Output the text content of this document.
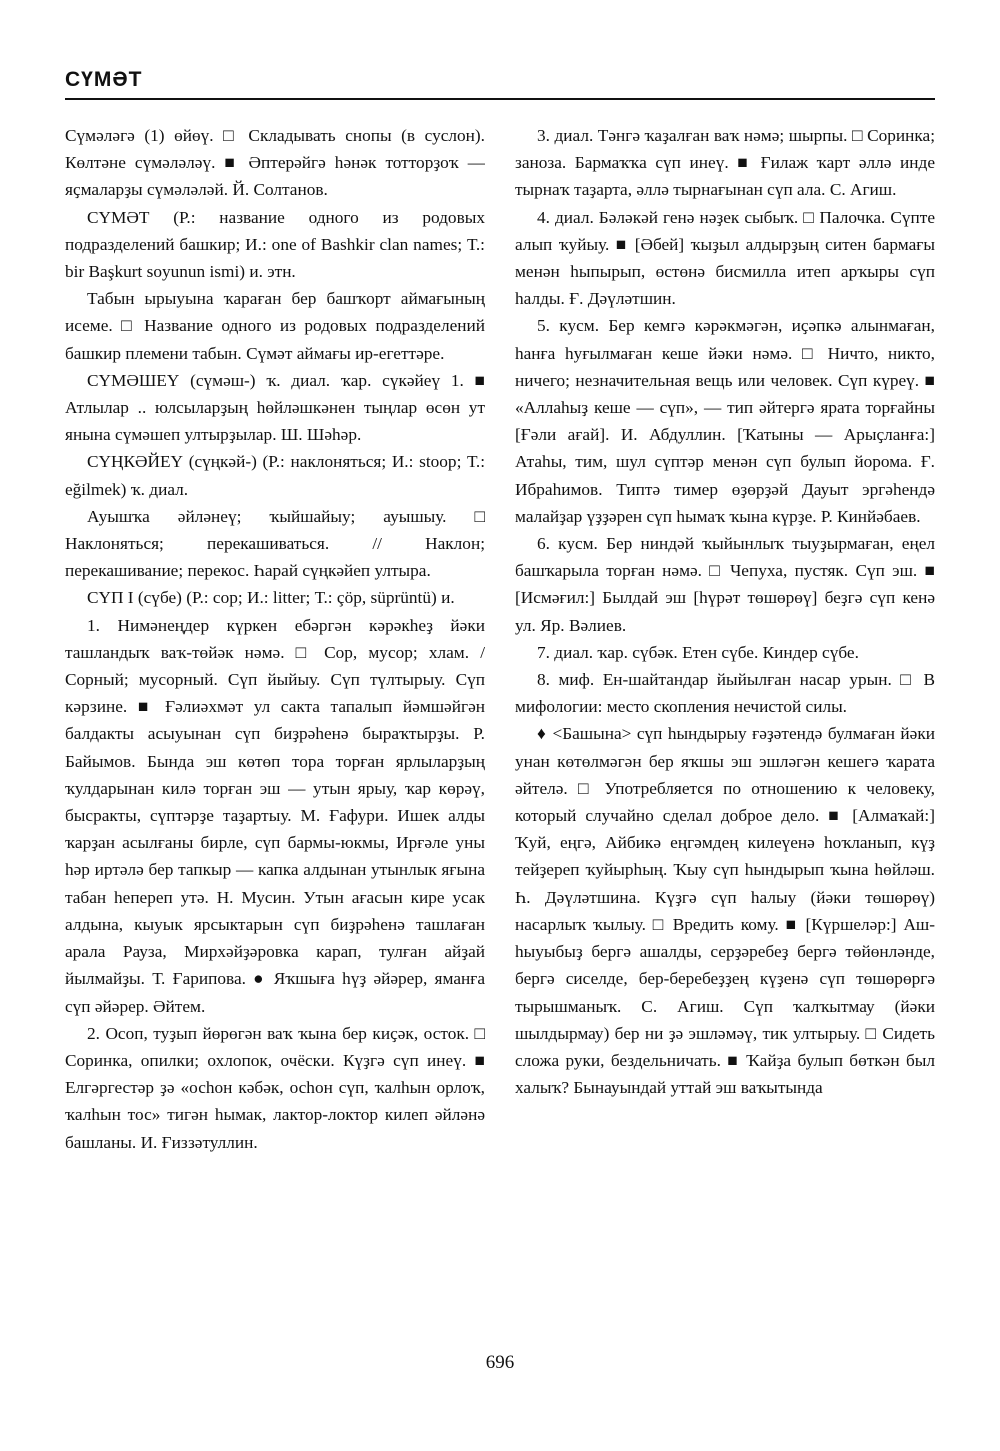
СҮМӘТ

Сүмәләгә (1) өйөү. □ Складывать снопы (в суслон). Көлтәне сүмәләләү. ■ Әптерәйгә һәнәк тотторҙоҡ — яҫмаларҙы сүмәләләй. Й. Солтанов.

СҮМӘТ (Р.: название одного из родовых подразделений башкир; И.: one of Bashkir clan names; Т.: bir Başkurt soyunun ismi) и. этн.

Табын ырыуына ҡараған бер башҡорт аймағының исеме. □ Название одного из родовых подразделений башкир племени табын. Сүмәт аймағы ир-егеттәре.

СҮМӘШЕҮ (сүмәш-) ҡ. диал. ҡар. сүкәйеү 1. ■ Атлылар .. юлсыларҙың һөйләшкәнен тыңлар өсөн ут янына сүмәшеп ултырҙылар. Ш. Шәһәр.

СҮҢКӘЙЕҮ (сүңкәй-) (Р.: наклоняться; И.: stoop; Т.: eğilmek) ҡ. диал.

Ауышҡа әйләнеү; ҡыйшайыу; ауышыу. □ Наклоняться; перекашиваться. // Наклон; перекашивание; перекос. Һарай сүңкәйеп ултыра.

СҮП I (сүбе) (Р.: сор; И.: litter; Т.: çöp, süprüntü) и.

1. Нимәнеңдер күркен ебәргән кәрәкһеҙ йәки ташландыҡ ваҡ-төйәк нәмә. □ Сор, мусор; хлам. / Сорный; мусорный. Сүп йыйыу. Сүп түлтырыу. Сүп кәрзине. ■ Ғәлиәхмәт ул сакта тапалып йәмшәйгән балдакты асыуынан сүп биҙрәһенә быраҡтырҙы. Р. Байымов. Бында эш көтөп тора торған ярлыларҙың ҡулдарынан килә торған эш — утын ярыу, ҡар көрәү, бысракты, сүптәрҙе таҙартыу. М. Ғафури. Ишек алды ҡарҙан асылғаны бирле, сүп бармы-юкмы, Ирғәле уны һәр иртәлә бер тапкыр — капка алдынан утынлык яғына табан һепереп утә. Н. Мусин. Утын ағасын кире усак алдына, кыуык ярсыктарын сүп биҙрәһенә ташлаған арала Рауза, Мирхәйҙәровка карап, тулған айҙай йылмайҙы. Т. Ғарипова. ● Яҡшыға һүҙ әйәрер, яманға сүп әйәрер. Әйтем.

2. Осоп, туҙып йөрөгән ваҡ ҡына бер киҫәк, осток. □ Соринка, опилки; охлопок, очёски. Күҙгә сүп инеү. ■ Елгәргестәр ҙә «осһон кәбәк, осһон сүп, ҡалһын орлоҡ, ҡалһын тос» тигән һымак, лактор-локтор килеп әйләнә башланы. И. Ғиззәтуллин.

3. диал. Тәнгә ҡаҙалған ваҡ нәмә; шырпы. □ Соринка; заноза. Бармаҡҡа сүп инеү. ■ Ғилаж ҡарт әллә инде тырнаҡ таҙарта, әллә тырнағынан сүп ала. С. Агиш.

4. диал. Бәләкәй генә нәҙек сыбыҡ. □ Палочка. Сүпте алып ҡуйыу. ■ [Әбей] ҡыҙыл алдырҙың ситен бармағы менән һыпырып, өстөнә бисмилла итеп арҡыры сүп һалды. Ғ. Дәүләтшин.

5. кусм. Бер кемгә кәрәкмәгән, иҫәпкә алынмаған, һанға һуғылмаған кеше йәки нәмә. □ Ничто, никто, ничего; незначительная вещь или человек. Сүп күреү. ■ «Аллаһыҙ кеше — сүп», — тип әйтергә ярата торғайны [Ғәли ағай]. И. Абдуллин. [Ҡатыны — Арыҫланға:] Атаһы, тим, шул сүптәр менән сүп булып йорома. Ғ. Ибраһимов. Типтә тимер өҙөрҙәй Дауыт эргәһендә малайҙар үҙҙәрен сүп һымаҡ ҡына күрҙе. Р. Кинйәбаев.

6. кусм. Бер ниндәй ҡыйынлыҡ тыуҙырмаған, еңел башҡарыла торған нәмә. □ Чепуха, пустяк. Сүп эш. ■ [Исмәғил:] Былдай эш [һүрәт төшөрөү] беҙгә сүп кенә ул. Яр. Вәлиев.

7. диал. ҡар. сүбәк. Етен сүбе. Киндер сүбе.

8. миф. Ен-шайтандар йыйылған насар урын. □ В мифологии: место скопления нечистой силы.

♦ <Башына> сүп һындырыу ғәҙәтендә булмаған йәки унан көтөлмәгән бер яҡшы эш эшләгән кешегә ҡарата әйтелә. □ Употребляется по отношению к человеку, который случайно сделал доброе дело. ■ [Алмаҡай:] Ҡуй, еңгә, Айбикә еңгәмдең килеүенә һоҡланып, күҙ тейҙереп ҡуйырһың. Ҡыу сүп һындырып ҡына һөйләш. Һ. Дәүләтшина. Күҙгә сүп һалыу (йәки төшөрөү) насарлыҡ ҡылыу. □ Вредить кому. ■ [Күршеләр:] Аш-һыуыбыҙ бергә ашалды, серҙәребеҙ бергә төйөнләнде, бергә сиселде, бер-беребеҙҙең күҙенә сүп төшөрөргә тырышманыҡ. С. Агиш. Сүп ҡалҡытмау (йәки шылдырмау) бер ни ҙә эшләмәү, тик ултырыу. □ Сидеть сложа руки, бездельничать. ■ Ҡайҙа булып бөткән был халыҡ? Бынауындай уттай эш ваҡытында

696
